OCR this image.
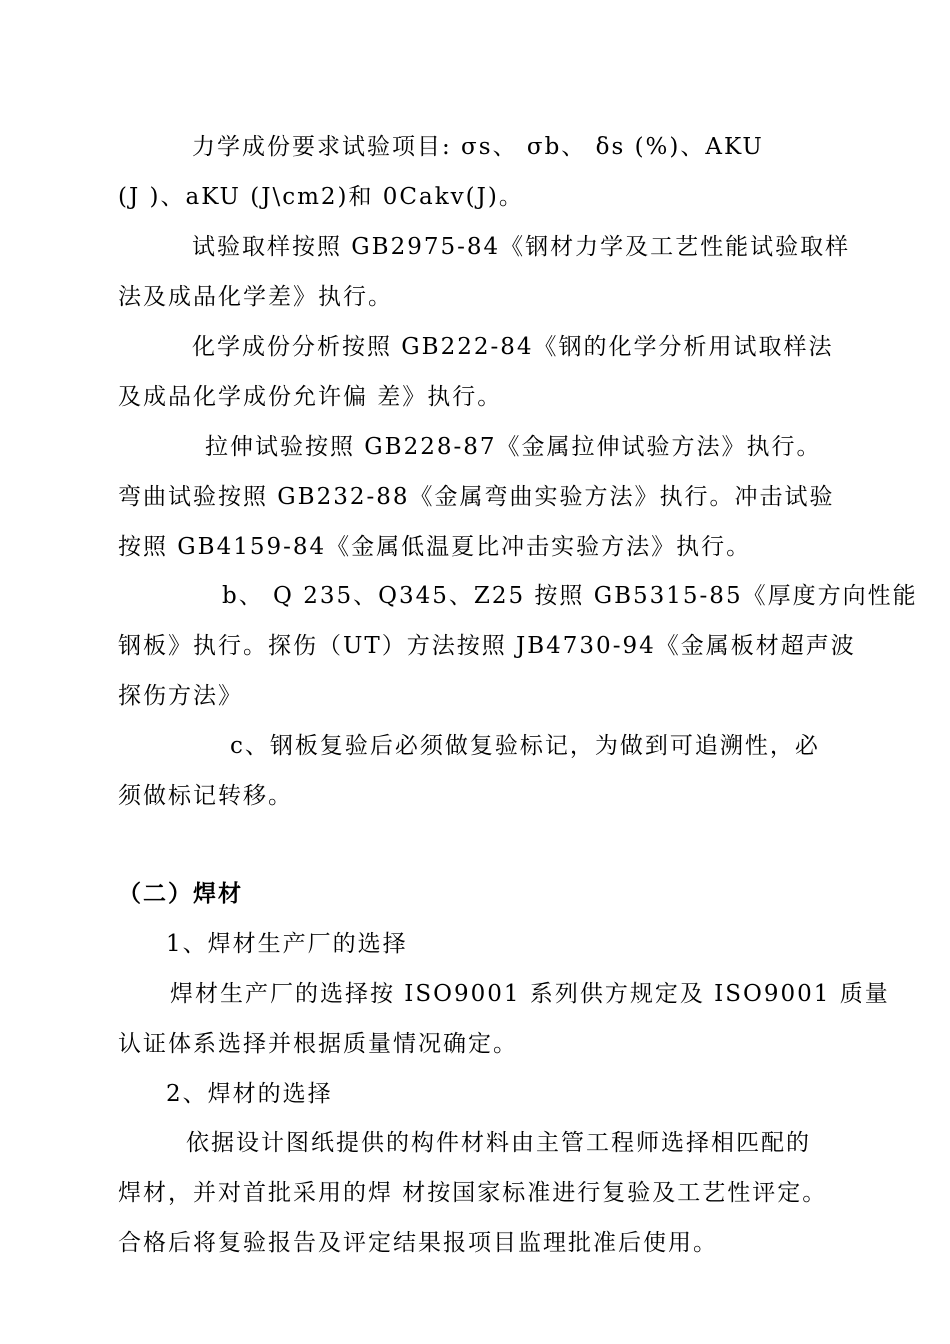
力学成份要求试验项目: σs、 σb、 δs (%)、AKU

(J )、aKU (J\cm2)和 0Cakv(J)。

试验取样按照 GB2975-84《钢材力学及工艺性能试验取样

法及成品化学差》执行。

化学成份分析按照 GB222-84《钢的化学分析用试取样法

及成品化学成份允许偏 差》执行。

拉伸试验按照 GB228-87《金属拉伸试验方法》执行。

弯曲试验按照 GB232-88《金属弯曲实验方法》执行。冲击试验

按照 GB4159-84《金属低温夏比冲击实验方法》执行。

b、 Q 235、Q345、Z25 按照 GB5315-85《厚度方向性能

钢板》执行。探伤（UT）方法按照 JB4730-94《金属板材超声波

探伤方法》

c、钢板复验后必须做复验标记，为做到可追溯性，必

须做标记转移。

（二）焊材

1、焊材生产厂的选择

焊材生产厂的选择按 ISO9001 系列供方规定及 ISO9001 质量

认证体系选择并根据质量情况确定。

2、焊材的选择

依据设计图纸提供的构件材料由主管工程师选择相匹配的

焊材，并对首批采用的焊 材按国家标准进行复验及工艺性评定。

合格后将复验报告及评定结果报项目监理批准后使用。
